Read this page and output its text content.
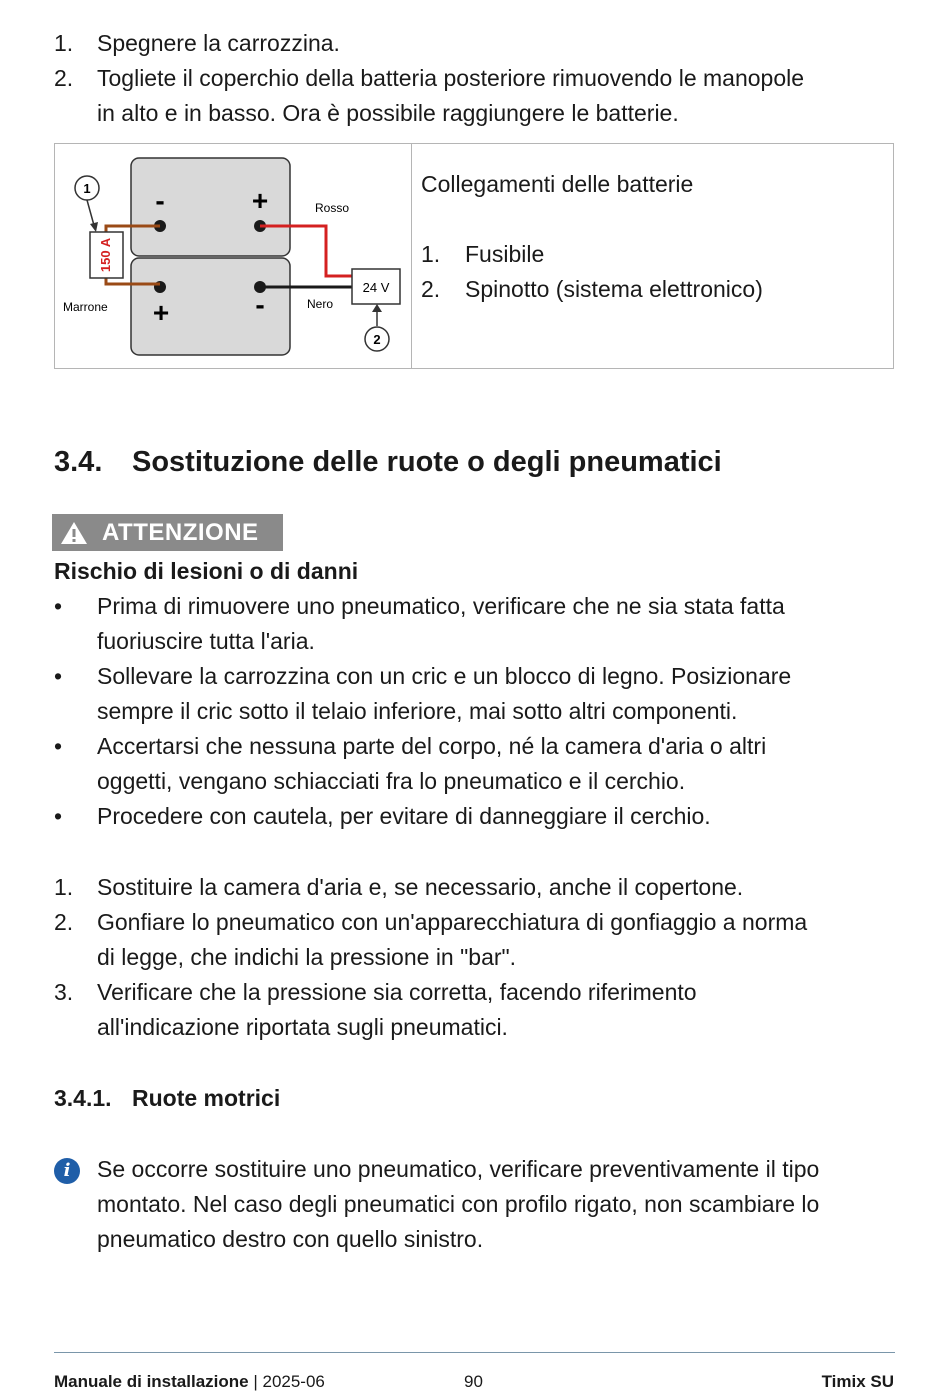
1. Spegnere la carrozzina.
2. Togliete il coperchio della batteria posteriore rimuovendo le manopole
in alto e in basso. Ora è possibile raggiungere le batterie.
-	+
+	-
150 A
1
24 V
2
Rosso
Marrone	Nero
Collegamenti delle batterie
1. Fusibile
2. Spinotto (sistema elettronico)
3.4. Sostituzione delle ruote o degli pneumatici
ATTENZIONE
Rischio di lesioni o di danni
• Prima di rimuovere uno pneumatico, verificare che ne sia stata fatta
fuoriuscire tutta l'aria.
• Sollevare la carrozzina con un cric e un blocco di legno. Posizionare
sempre il cric sotto il telaio inferiore, mai sotto altri componenti.
• Accertarsi che nessuna parte del corpo, né la camera d'aria o altri
oggetti, vengano schiacciati fra lo pneumatico e il cerchio.
• Procedere con cautela, per evitare di danneggiare il cerchio.
1. Sostituire la camera d'aria e, se necessario, anche il copertone.
2. Gonfiare lo pneumatico con un'apparecchiatura di gonfiaggio a norma
di legge, che indichi la pressione in "bar".
3. Verificare che la pressione sia corretta, facendo riferimento
all'indicazione riportata sugli pneumatici.
3.4.1. Ruote motrici
i	Se occorre sostituire uno pneumatico, verificare preventivamente il tipo
montato. Nel caso degli pneumatici con profilo rigato, non scambiare lo
pneumatico destro con quello sinistro.
Manuale di installazione | 2025-06	90	Timix SU
